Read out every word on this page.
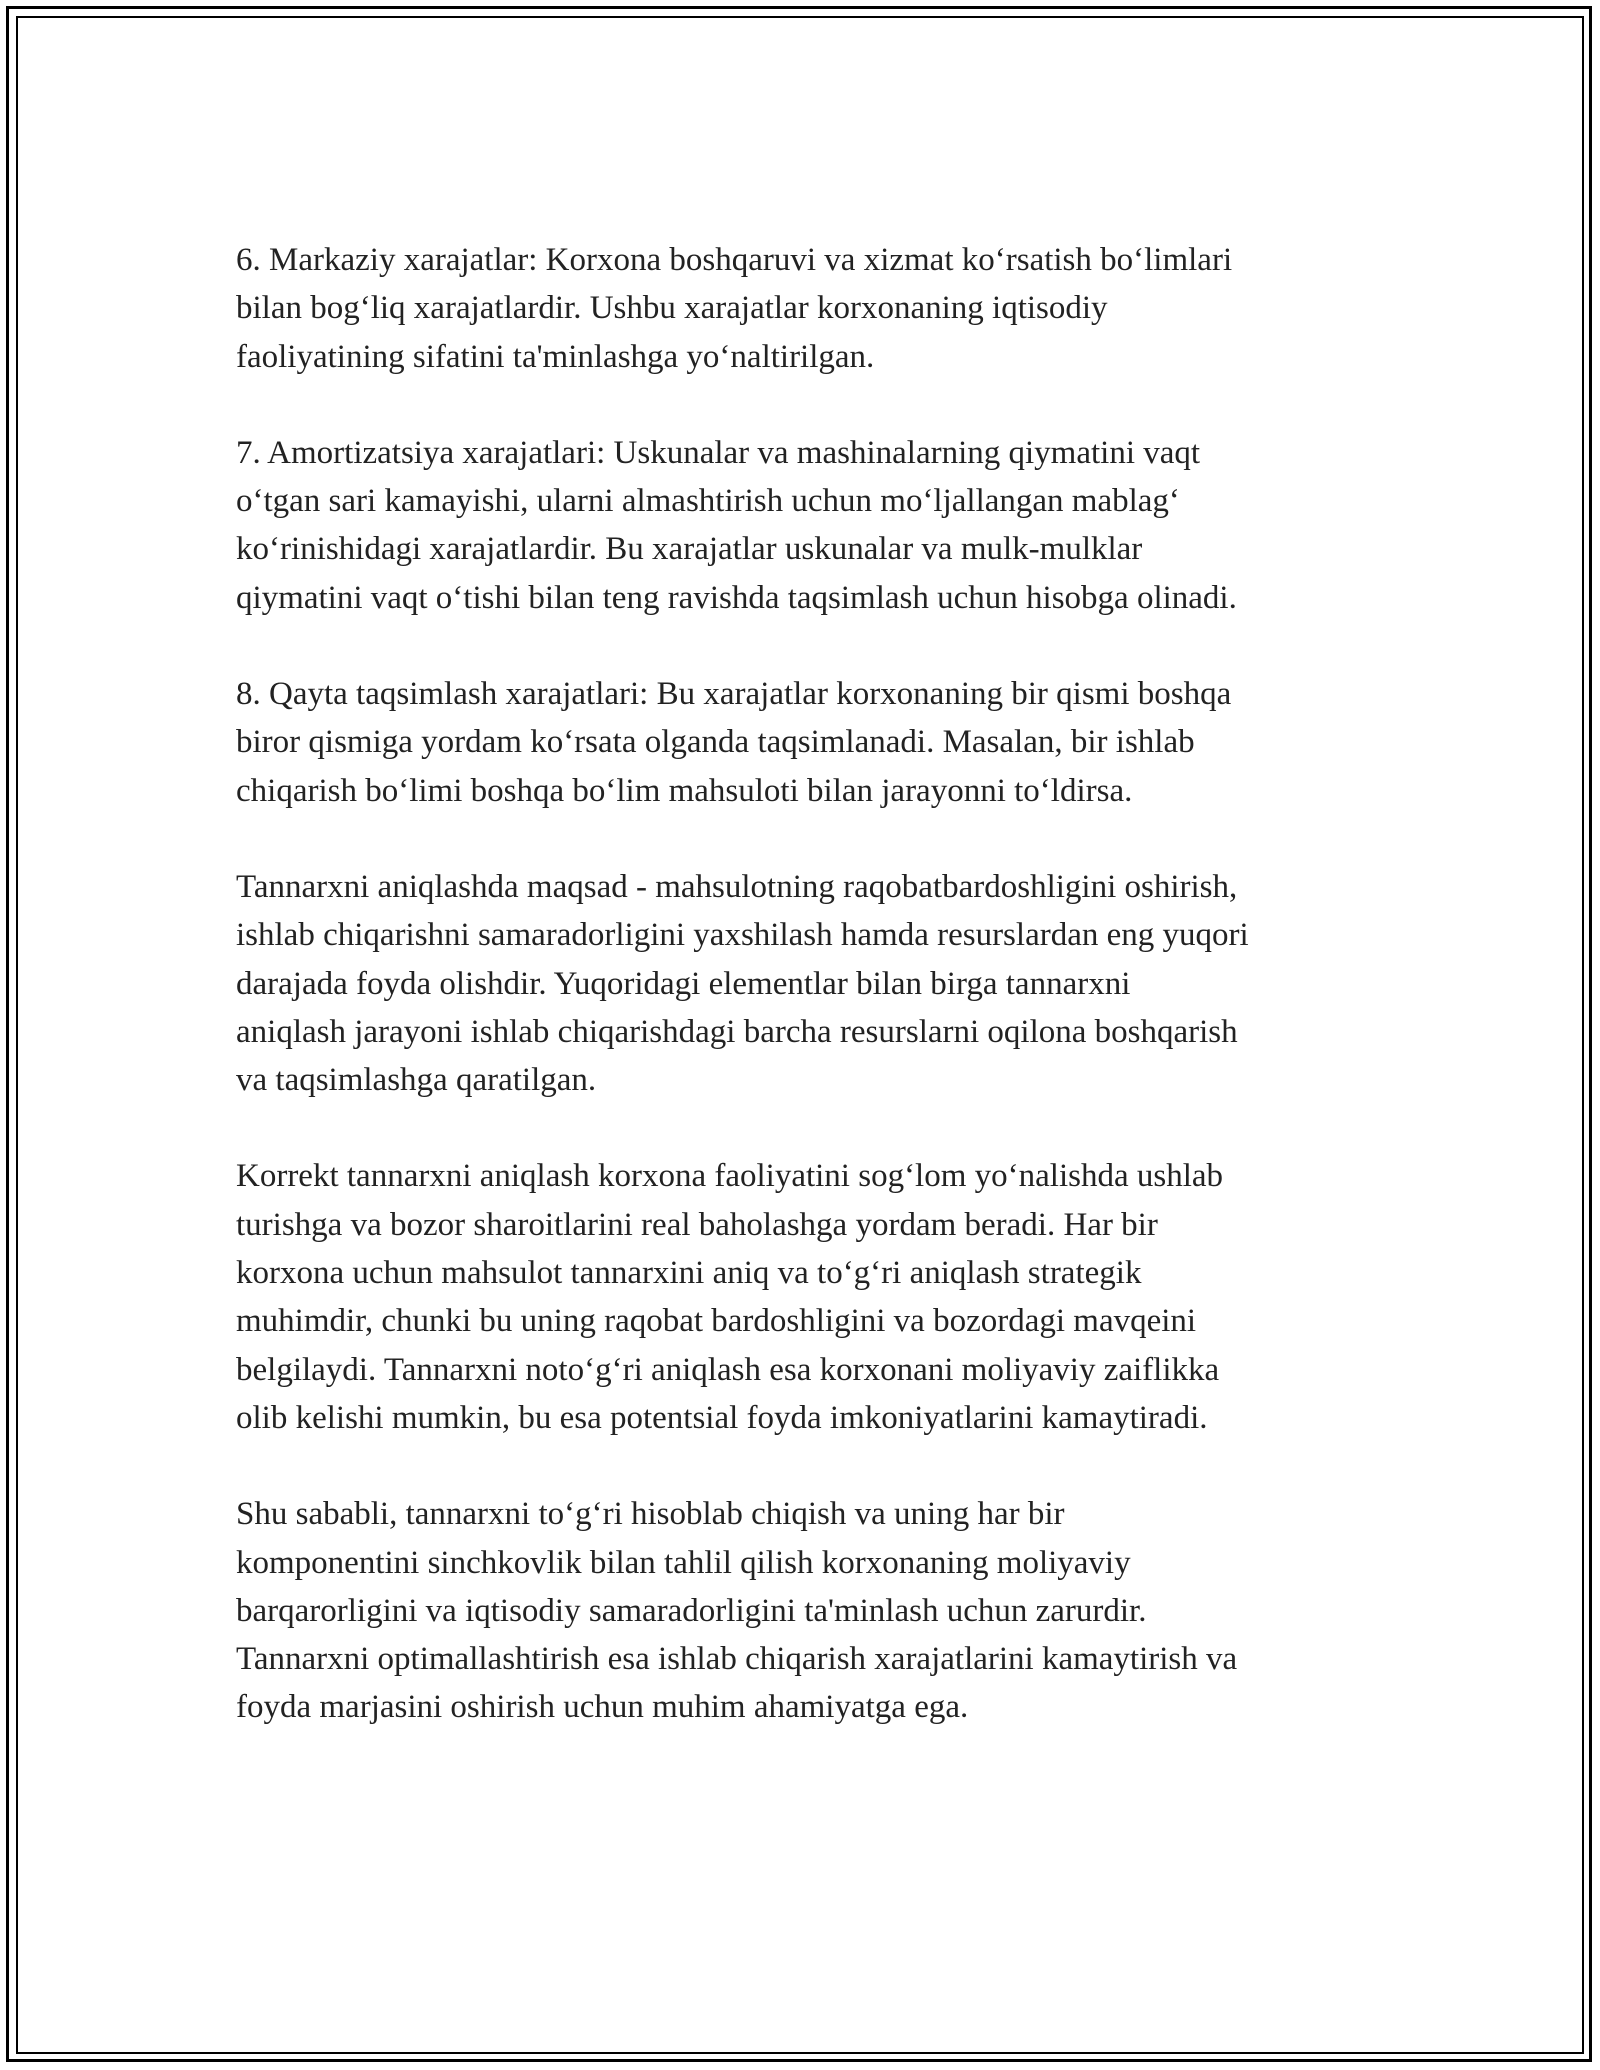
6. Markaziy xarajatlar: Korxona boshqaruvi va xizmat koʻrsatish boʻlimlari
bilan bogʻliq xarajatlardir. Ushbu xarajatlar korxonaning iqtisodiy
faoliyatining sifatini ta'minlashga yoʻnaltirilgan.

7. Amortizatsiya xarajatlari: Uskunalar va mashinalarning qiymatini vaqt
oʻtgan sari kamayishi, ularni almashtirish uchun moʻljallangan mablagʻ
koʻrinishidagi xarajatlardir. Bu xarajatlar uskunalar va mulk-mulklar
qiymatini vaqt oʻtishi bilan teng ravishda taqsimlash uchun hisobga olinadi.

8. Qayta taqsimlash xarajatlari: Bu xarajatlar korxonaning bir qismi boshqa
biror qismiga yordam koʻrsata olganda taqsimlanadi. Masalan, bir ishlab
chiqarish boʻlimi boshqa boʻlim mahsuloti bilan jarayonni toʻldirsa.

Tannarxni aniqlashda maqsad - mahsulotning raqobatbardoshligini oshirish,
ishlab chiqarishni samaradorligini yaxshilash hamda resurslardan eng yuqori
darajada foyda olishdir. Yuqoridagi elementlar bilan birga tannarxni
aniqlash jarayoni ishlab chiqarishdagi barcha resurslarni oqilona boshqarish
va taqsimlashga qaratilgan.

Korrekt tannarxni aniqlash korxona faoliyatini sogʻlom yoʻnalishda ushlab
turishga va bozor sharoitlarini real baholashga yordam beradi. Har bir
korxona uchun mahsulot tannarxini aniq va toʻgʻri aniqlash strategik
muhimdir, chunki bu uning raqobat bardoshligini va bozordagi mavqeini
belgilaydi. Tannarxni notoʻgʻri aniqlash esa korxonani moliyaviy zaiflikka
olib kelishi mumkin, bu esa potentsial foyda imkoniyatlarini kamaytiradi.

Shu sababli, tannarxni toʻgʻri hisoblab chiqish va uning har bir
komponentini sinchkovlik bilan tahlil qilish korxonaning moliyaviy
barqarorligini va iqtisodiy samaradorligini ta'minlash uchun zarurdir.
Tannarxni optimallashtirish esa ishlab chiqarish xarajatlarini kamaytirish va
foyda marjasini oshirish uchun muhim ahamiyatga ega.
